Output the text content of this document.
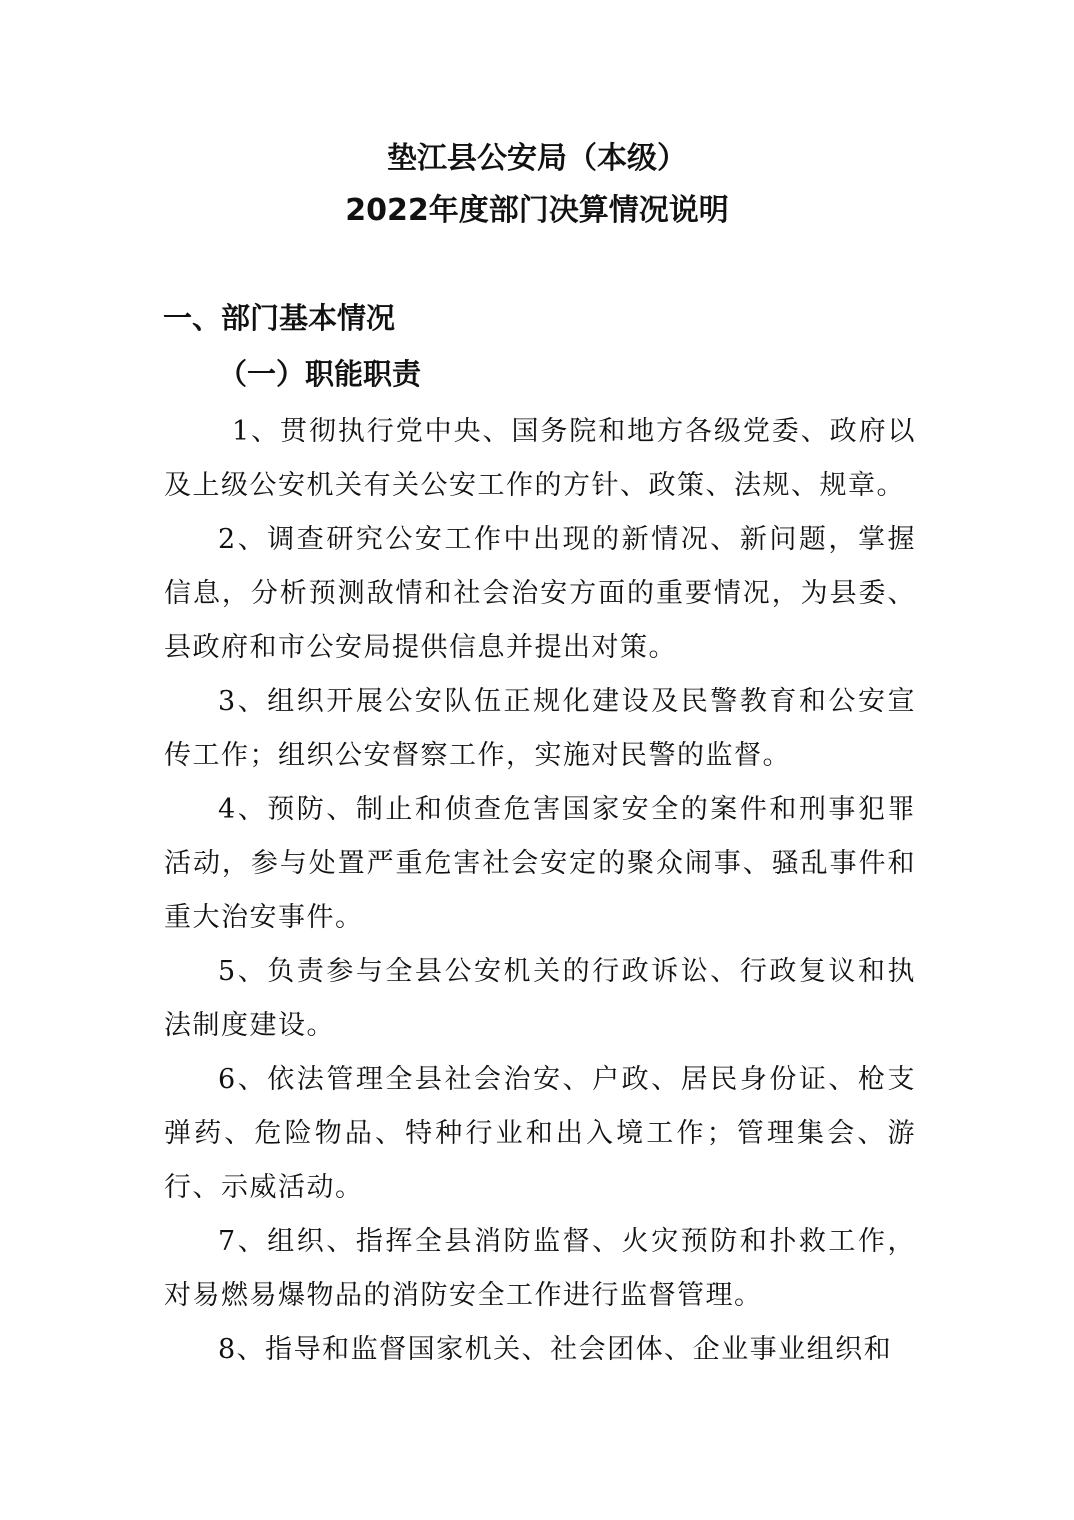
垫江县公安局（本级）
2022年度部门决算情况说明
一、部门基本情况
（一）职能职责

1、贯彻执行党中央、国务院和地方各级党委、政府以及上级公安机关有关公安工作的方针、政策、法规、规章。

2、调查研究公安工作中出现的新情况、新问题，掌握信息，分析预测敌情和社会治安方面的重要情况，为县委、县政府和市公安局提供信息并提出对策。

3、组织开展公安队伍正规化建设及民警教育和公安宣传工作；组织公安督察工作，实施对民警的监督。

4、预防、制止和侦查危害国家安全的案件和刑事犯罪活动，参与处置严重危害社会安定的聚众闹事、骚乱事件和重大治安事件。

5、负责参与全县公安机关的行政诉讼、行政复议和执法制度建设。

6、依法管理全县社会治安、户政、居民身份证、枪支弹药、危险物品、特种行业和出入境工作；管理集会、游行、示威活动。

7、组织、指挥全县消防监督、火灾预防和扑救工作，对易燃易爆物品的消防安全工作进行监督管理。

8、指导和监督国家机关、社会团体、企业事业组织和
